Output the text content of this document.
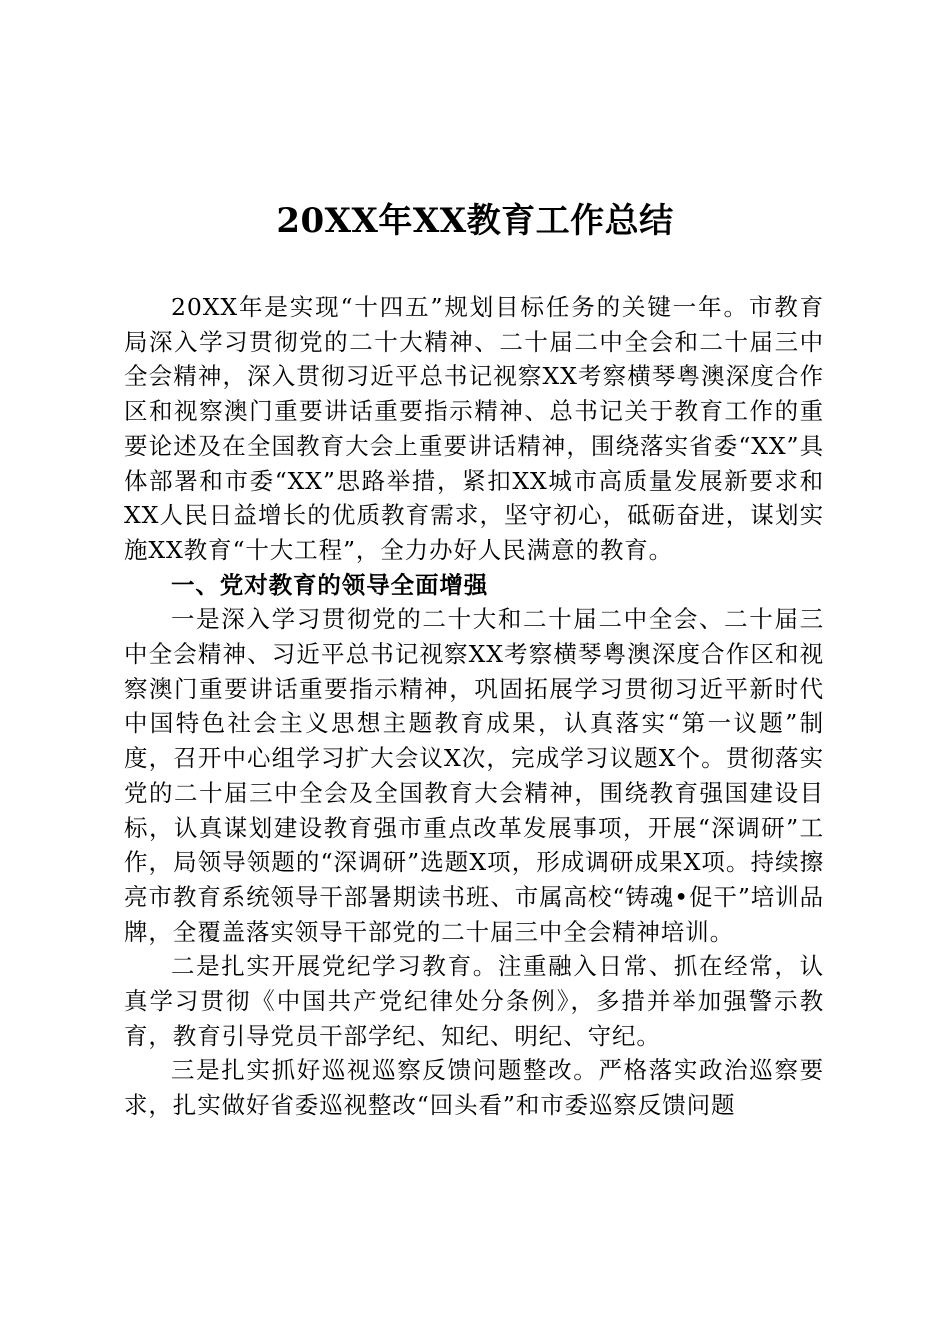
20XX年XX教育工作总结

20XX年是实现“十四五”规划目标任务的关键一年。市教育局深入学习贯彻党的二十大精神、二十届二中全会和二十届三中全会精神，深入贯彻习近平总书记视察XX考察横琴粤澳深度合作区和视察澳门重要讲话重要指示精神、总书记关于教育工作的重要论述及在全国教育大会上重要讲话精神，围绕落实省委“XX”具体部署和市委“XX”思路举措，紧扣XX城市高质量发展新要求和XX人民日益增长的优质教育需求，坚守初心，砥砺奋进，谋划实施XX教育“十大工程”，全力办好人民满意的教育。

一、党对教育的领导全面增强

一是深入学习贯彻党的二十大和二十届二中全会、二十届三中全会精神、习近平总书记视察XX考察横琴粤澳深度合作区和视察澳门重要讲话重要指示精神，巩固拓展学习贯彻习近平新时代中国特色社会主义思想主题教育成果，认真落实“第一议题”制度，召开中心组学习扩大会议X次，完成学习议题X个。贯彻落实党的二十届三中全会及全国教育大会精神，围绕教育强国建设目标，认真谋划建设教育强市重点改革发展事项，开展“深调研”工作，局领导领题的“深调研”选题X项，形成调研成果X项。持续擦亮市教育系统领导干部暑期读书班、市属高校“铸魂•促干”培训品牌，全覆盖落实领导干部党的二十届三中全会精神培训。

二是扎实开展党纪学习教育。注重融入日常、抓在经常，认真学习贯彻《中国共产党纪律处分条例》，多措并举加强警示教育，教育引导党员干部学纪、知纪、明纪、守纪。

三是扎实抓好巡视巡察反馈问题整改。严格落实政治巡察要求，扎实做好省委巡视整改“回头看”和市委巡察反馈问题
